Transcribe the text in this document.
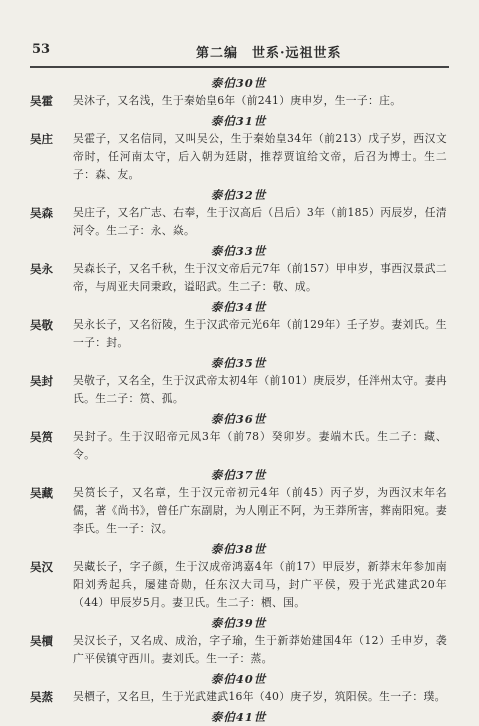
53	第二编　世系·远祖世系
泰伯30世
吴霍	吴沐子，又名浅，生于秦始皇6年（前241）庚申岁，生一子：庄。
泰伯31世
吴庄	吴霍子，又名信同，又叫吴公，生于秦始皇34年（前213）戊子岁，西汉文帝时，任河南太守，后入朝为廷尉，推荐贾谊给文帝，后召为博士。生二子：森、友。
泰伯32世
吴森	吴庄子，又名广志、右奉，生于汉高后（吕后）3年（前185）丙辰岁，任清河令。生二子：永、焱。
泰伯33世
吴永	吴森长子，又名千秋，生于汉文帝后元7年（前157）甲申岁，事西汉景武二帝，与周亚夫同秉政，谥昭武。生二子：敬、成。
泰伯34世
吴敬	吴永长子，又名衍陵，生于汉武帝元光6年（前129年）壬子岁。妻刘氏。生一子：封。
泰伯35世
吴封	吴敬子，又名全，生于汉武帝太初4年（前101）庚辰岁，任泮州太守。妻冉氏。生二子：筼、孤。
泰伯36世
吴筼	吴封子。生于汉昭帝元凤3年（前78）癸卯岁。妻端木氏。生二子：藏、令。
泰伯37世
吴藏	吴筼长子，又名章，生于汉元帝初元4年（前45）丙子岁，为西汉末年名儒，著《尚书》，曾任广东副尉，为人刚正不阿，为王莽所害，葬南阳宛。妻李氏。生一子：汉。
泰伯38世
吴汉	吴藏长子，字子颜，生于汉成帝鸿嘉4年（前17）甲辰岁，新莽末年参加南阳刘秀起兵，屡建奇勋，任东汉大司马，封广平侯，殁于光武建武20年（44）甲辰岁5月。妻卫氏。生二子：檟、国。
泰伯39世
吴檟	吴汉长子，又名成、成治，字子瑜，生于新莽始建国4年（12）壬申岁，袭广平侯镇守西川。妻刘氏。生一子：蒸。
泰伯40世
吴蒸	吴檟子，又名旦，生于光武建武16年（40）庚子岁，筑阳侯。生一子：璞。
泰伯41世
